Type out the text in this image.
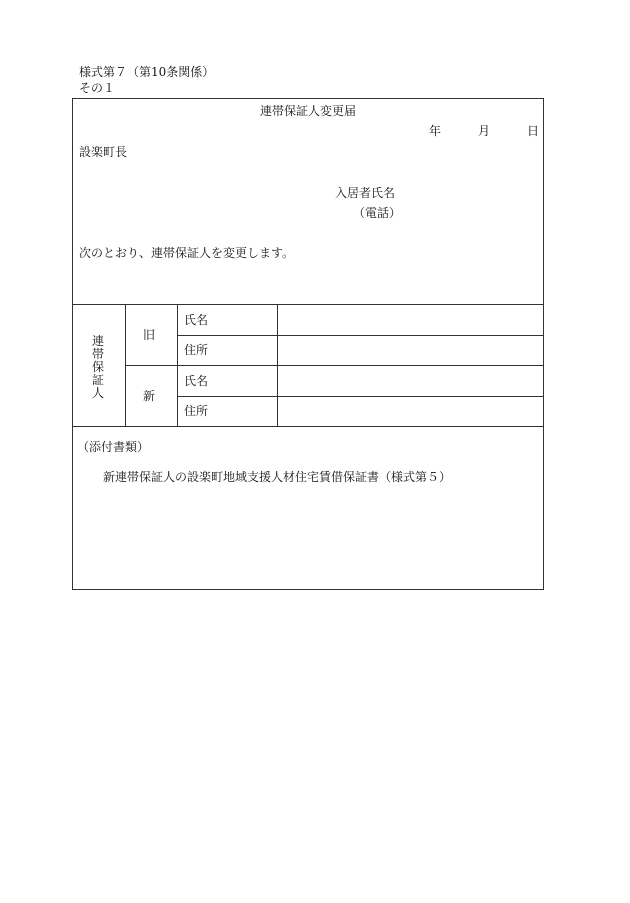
様式第７（第10条関係）
その１
連帯保証人変更届
年	月	日
設楽町長
入居者氏名
（電話）
次のとおり、連帯保証人を変更します。
連帯保証人
旧
新
氏名
住所
氏名
住所
（添付書類）
新連帯保証人の設楽町地域支援人材住宅賃借保証書（様式第５）
